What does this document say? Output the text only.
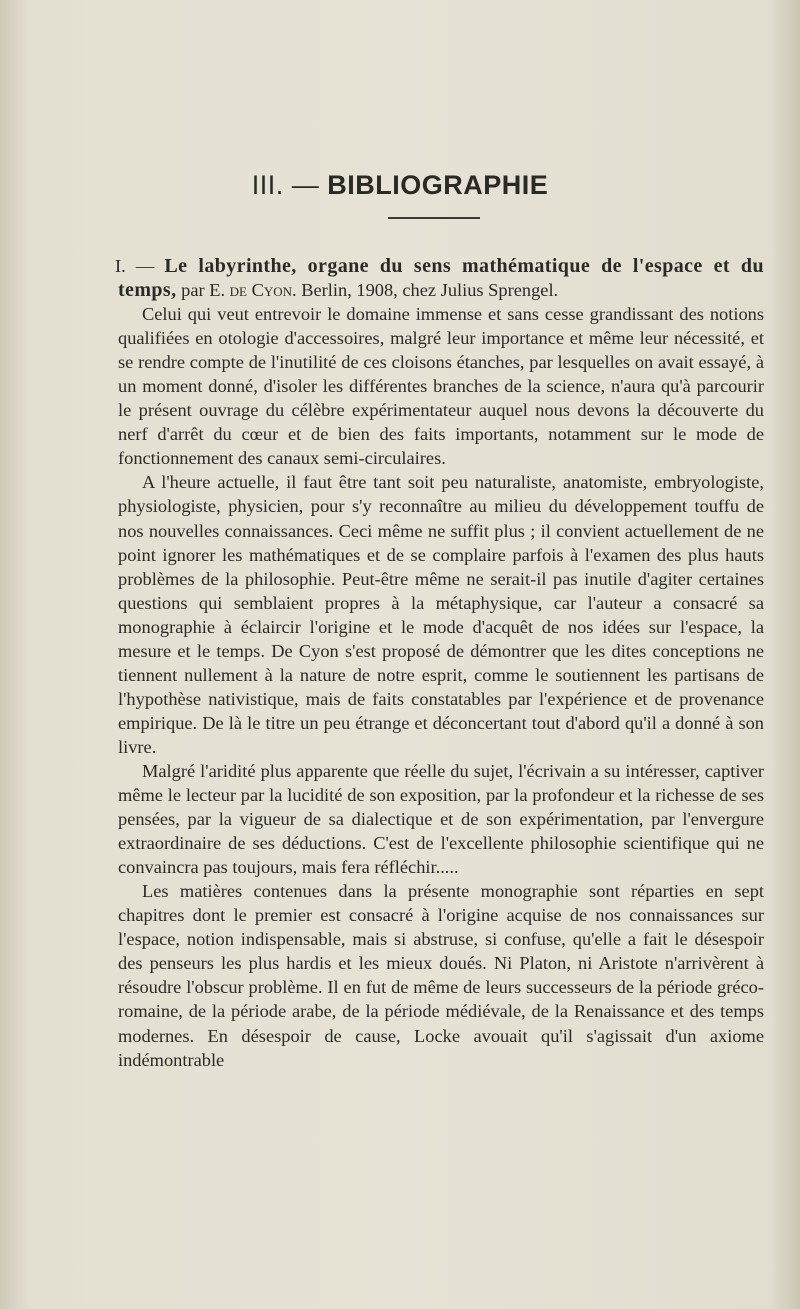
III. — BIBLIOGRAPHIE

I. — Le labyrinthe, organe du sens mathématique de l'espace et du temps, par E. de Cyon. Berlin, 1908, chez Julius Sprengel.

Celui qui veut entrevoir le domaine immense et sans cesse grandissant des notions qualifiées en otologie d'accessoires, malgré leur importance et même leur nécessité, et se rendre compte de l'inutilité de ces cloisons étanches, par lesquelles on avait essayé, à un moment donné, d'isoler les différentes branches de la science, n'aura qu'à parcourir le présent ouvrage du célèbre expérimentateur auquel nous devons la découverte du nerf d'arrêt du cœur et de bien des faits importants, notamment sur le mode de fonctionnement des canaux semi-circulaires.

A l'heure actuelle, il faut être tant soit peu naturaliste, anatomiste, embryologiste, physiologiste, physicien, pour s'y reconnaître au milieu du développement touffu de nos nouvelles connaissances. Ceci même ne suffit plus ; il convient actuellement de ne point ignorer les mathématiques et de se complaire parfois à l'examen des plus hauts problèmes de la philosophie. Peut-être même ne serait-il pas inutile d'agiter certaines questions qui semblaient propres à la métaphysique, car l'auteur a consacré sa monographie à éclaircir l'origine et le mode d'acquêt de nos idées sur l'espace, la mesure et le temps. De Cyon s'est proposé de démontrer que les dites conceptions ne tiennent nullement à la nature de notre esprit, comme le soutiennent les partisans de l'hypothèse nativistique, mais de faits constatables par l'expérience et de provenance empirique. De là le titre un peu étrange et déconcertant tout d'abord qu'il a donné à son livre.

Malgré l'aridité plus apparente que réelle du sujet, l'écrivain a su intéresser, captiver même le lecteur par la lucidité de son exposition, par la profondeur et la richesse de ses pensées, par la vigueur de sa dialectique et de son expérimentation, par l'envergure extraordinaire de ses déductions. C'est de l'excellente philosophie scientifique qui ne convaincra pas toujours, mais fera réfléchir.....

Les matières contenues dans la présente monographie sont réparties en sept chapitres dont le premier est consacré à l'origine acquise de nos connaissances sur l'espace, notion indispensable, mais si abstruse, si confuse, qu'elle a fait le désespoir des penseurs les plus hardis et les mieux doués. Ni Platon, ni Aristote n'arrivèrent à résoudre l'obscur problème. Il en fut de même de leurs successeurs de la période gréco-romaine, de la période arabe, de la période médiévale, de la Renaissance et des temps modernes. En désespoir de cause, Locke avouait qu'il s'agissait d'un axiome indémontrable
